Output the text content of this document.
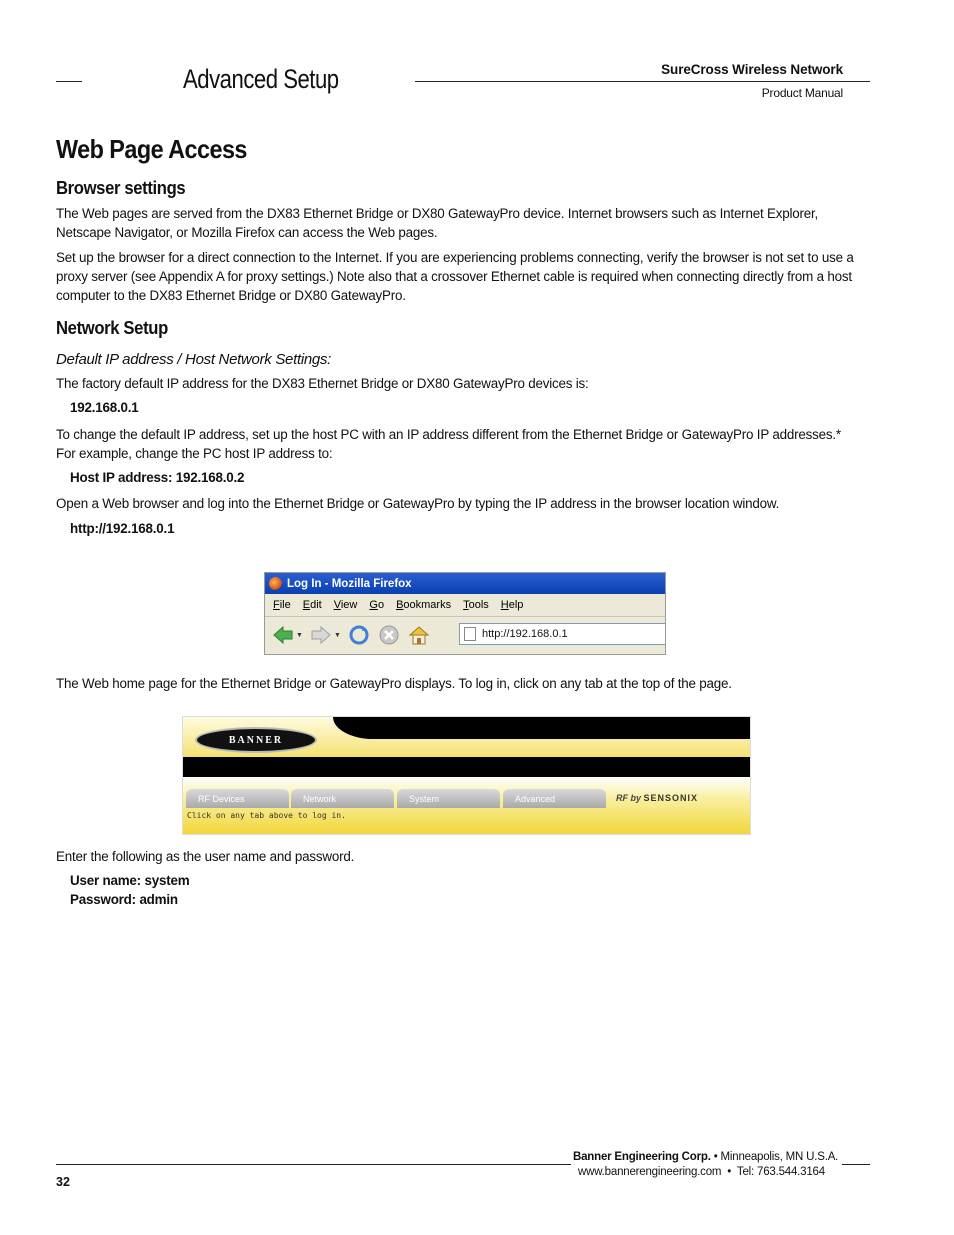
Advanced Setup	SureCross Wireless Network
Product Manual
Web Page Access
Browser settings
The Web pages are served from the DX83 Ethernet Bridge or DX80 GatewayPro device. Internet browsers such as Internet Explorer, Netscape Navigator, or Mozilla Firefox can access the Web pages.
Set up the browser for a direct connection to the Internet. If you are experiencing problems connecting, verify the browser is not set to use a proxy server (see Appendix A for proxy settings.) Note also that a crossover Ethernet cable is required when connecting directly from a host computer to the DX83 Ethernet Bridge or DX80 GatewayPro.
Network Setup
Default IP address / Host Network Settings:
The factory default IP address for the DX83 Ethernet Bridge or DX80 GatewayPro devices is:
192.168.0.1
To change the default IP address, set up the host PC with an IP address different from the Ethernet Bridge or GatewayPro IP addresses.* For example, change the PC host IP address to:
Host IP address: 192.168.0.2
Open a Web browser and log into the Ethernet Bridge or GatewayPro by typing the IP address in the browser location window.
http://192.168.0.1
Log In - Mozilla Firefox
File Edit View Go Bookmarks Tools Help
▼	▼	http://192.168.0.1
The Web home page for the Ethernet Bridge or GatewayPro displays. To log in, click on any tab at the top of the page.
BANNER
RF Devices	Network	System	Advanced	RF by SENSONIX
Click on any tab above to log in.
Enter the following as the user name and password.
User name: system
Password: admin
Banner Engineering Corp. • Minneapolis, MN U.S.A.
www.bannerengineering.com  •  Tel: 763.544.3164
32
